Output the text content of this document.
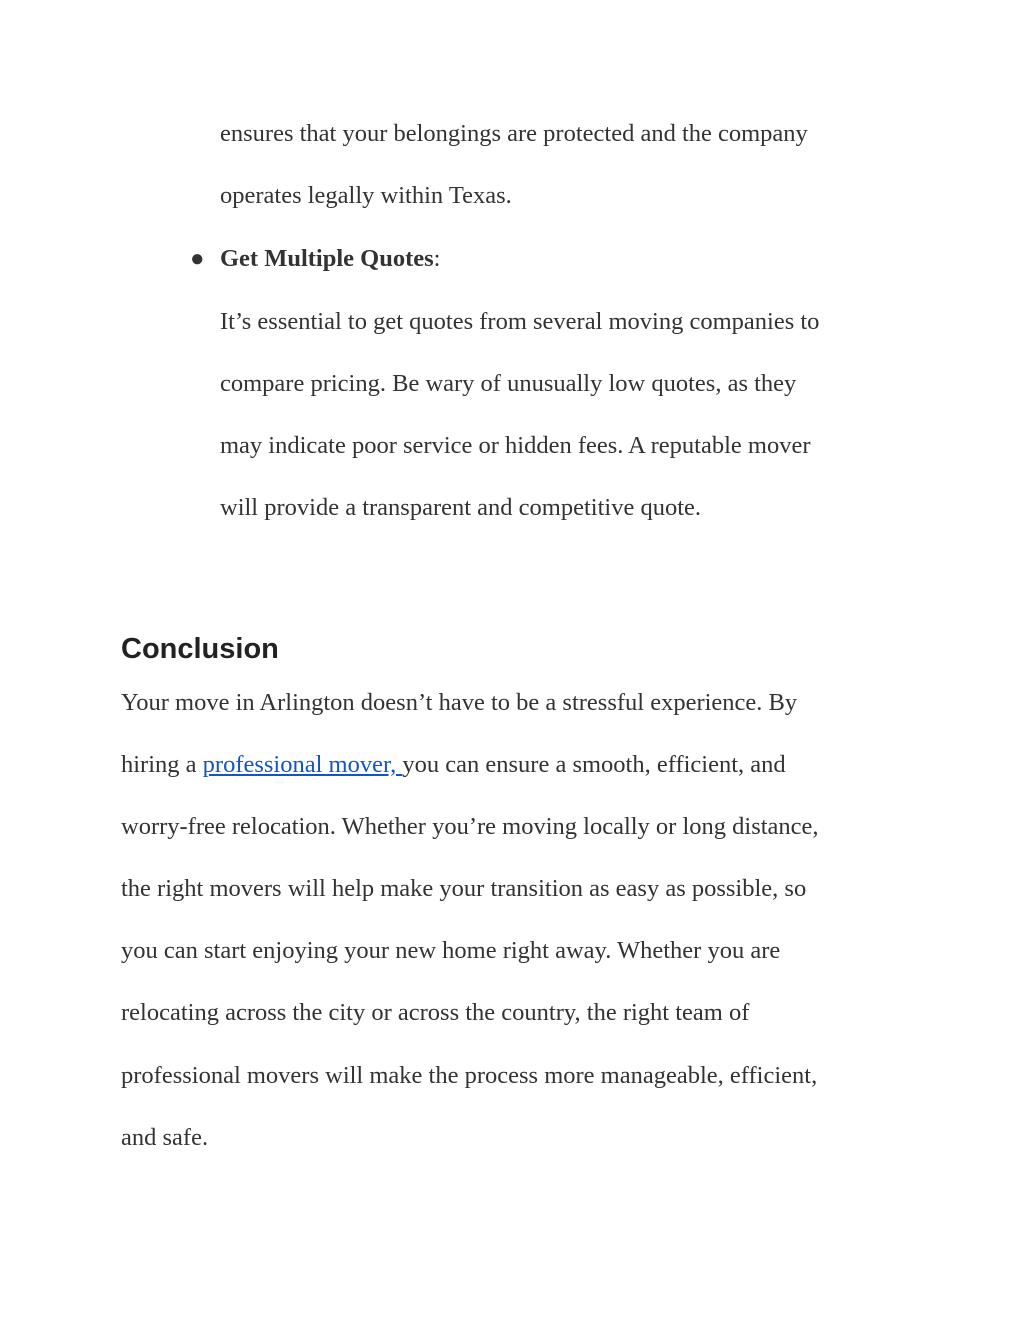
ensures that your belongings are protected and the company
operates legally within Texas.
● Get Multiple Quotes:
It’s essential to get quotes from several moving companies to
compare pricing. Be wary of unusually low quotes, as they
may indicate poor service or hidden fees. A reputable mover
will provide a transparent and competitive quote.
Conclusion
Your move in Arlington doesn’t have to be a stressful experience. By
hiring a professional mover, you can ensure a smooth, efficient, and
worry-free relocation. Whether you’re moving locally or long distance,
the right movers will help make your transition as easy as possible, so
you can start enjoying your new home right away. Whether you are
relocating across the city or across the country, the right team of
professional movers will make the process more manageable, efficient,
and safe.
